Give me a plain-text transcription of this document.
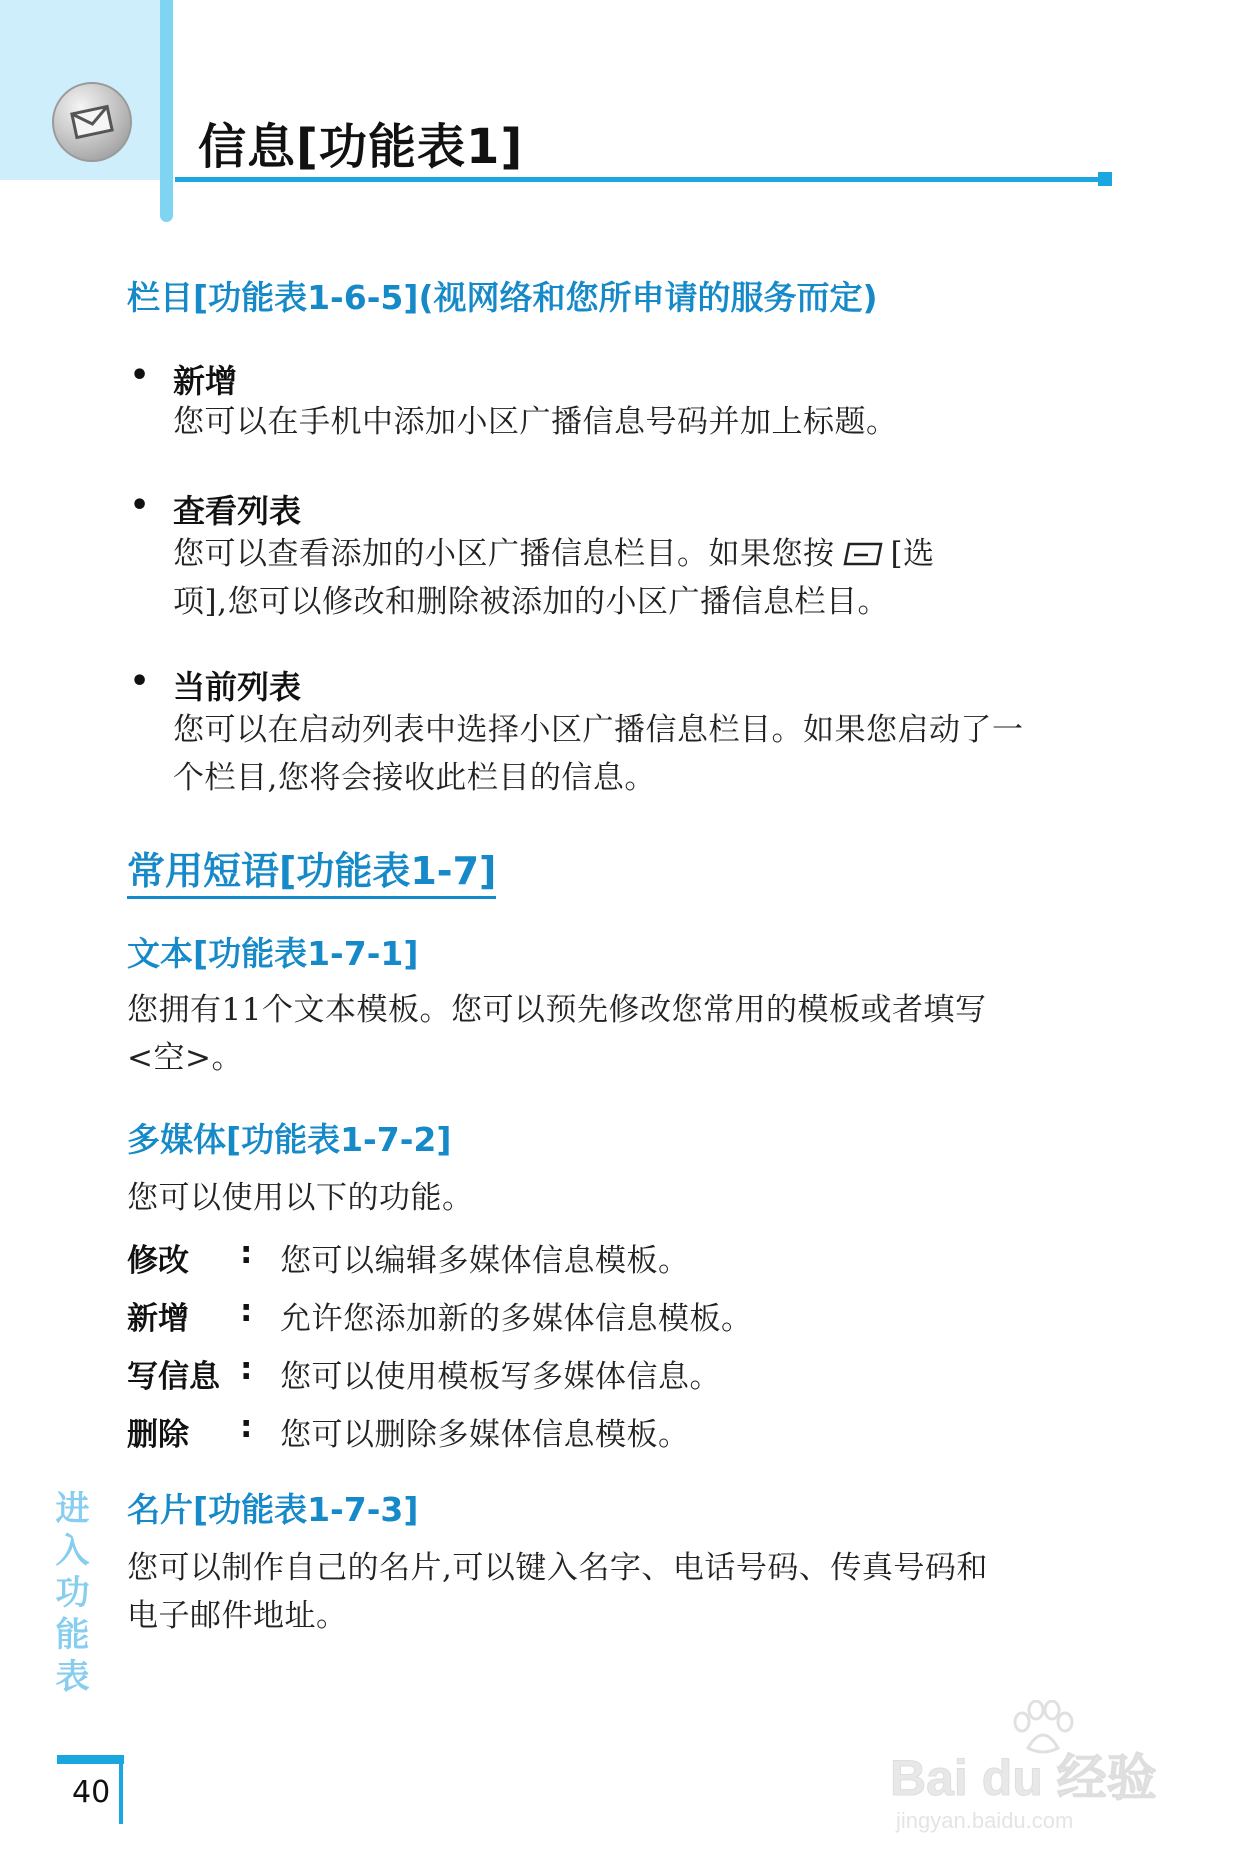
信息[功能表1]
栏目[功能表1-6-5](视网络和您所申请的服务而定)
• 新增
您可以在手机中添加小区广播信息号码并加上标题。
• 查看列表
您可以查看添加的小区广播信息栏目。如果您按 [选
项],您可以修改和删除被添加的小区广播信息栏目。
• 当前列表
您可以在启动列表中选择小区广播信息栏目。如果您启动了一
个栏目,您将会接收此栏目的信息。
常用短语[功能表1-7]
文本[功能表1-7-1]
您拥有11个文本模板。您可以预先修改您常用的模板或者填写
<空>。
多媒体[功能表1-7-2]
您可以使用以下的功能。
修改 : 您可以编辑多媒体信息模板。
新增 : 允许您添加新的多媒体信息模板。
写信息 : 您可以使用模板写多媒体信息。
删除 : 您可以删除多媒体信息模板。
名片[功能表1-7-3]
您可以制作自己的名片,可以键入名字、电话号码、传真号码和
电子邮件地址。
进入功能表
40	Bai du 经验
jingyan.baidu.com
